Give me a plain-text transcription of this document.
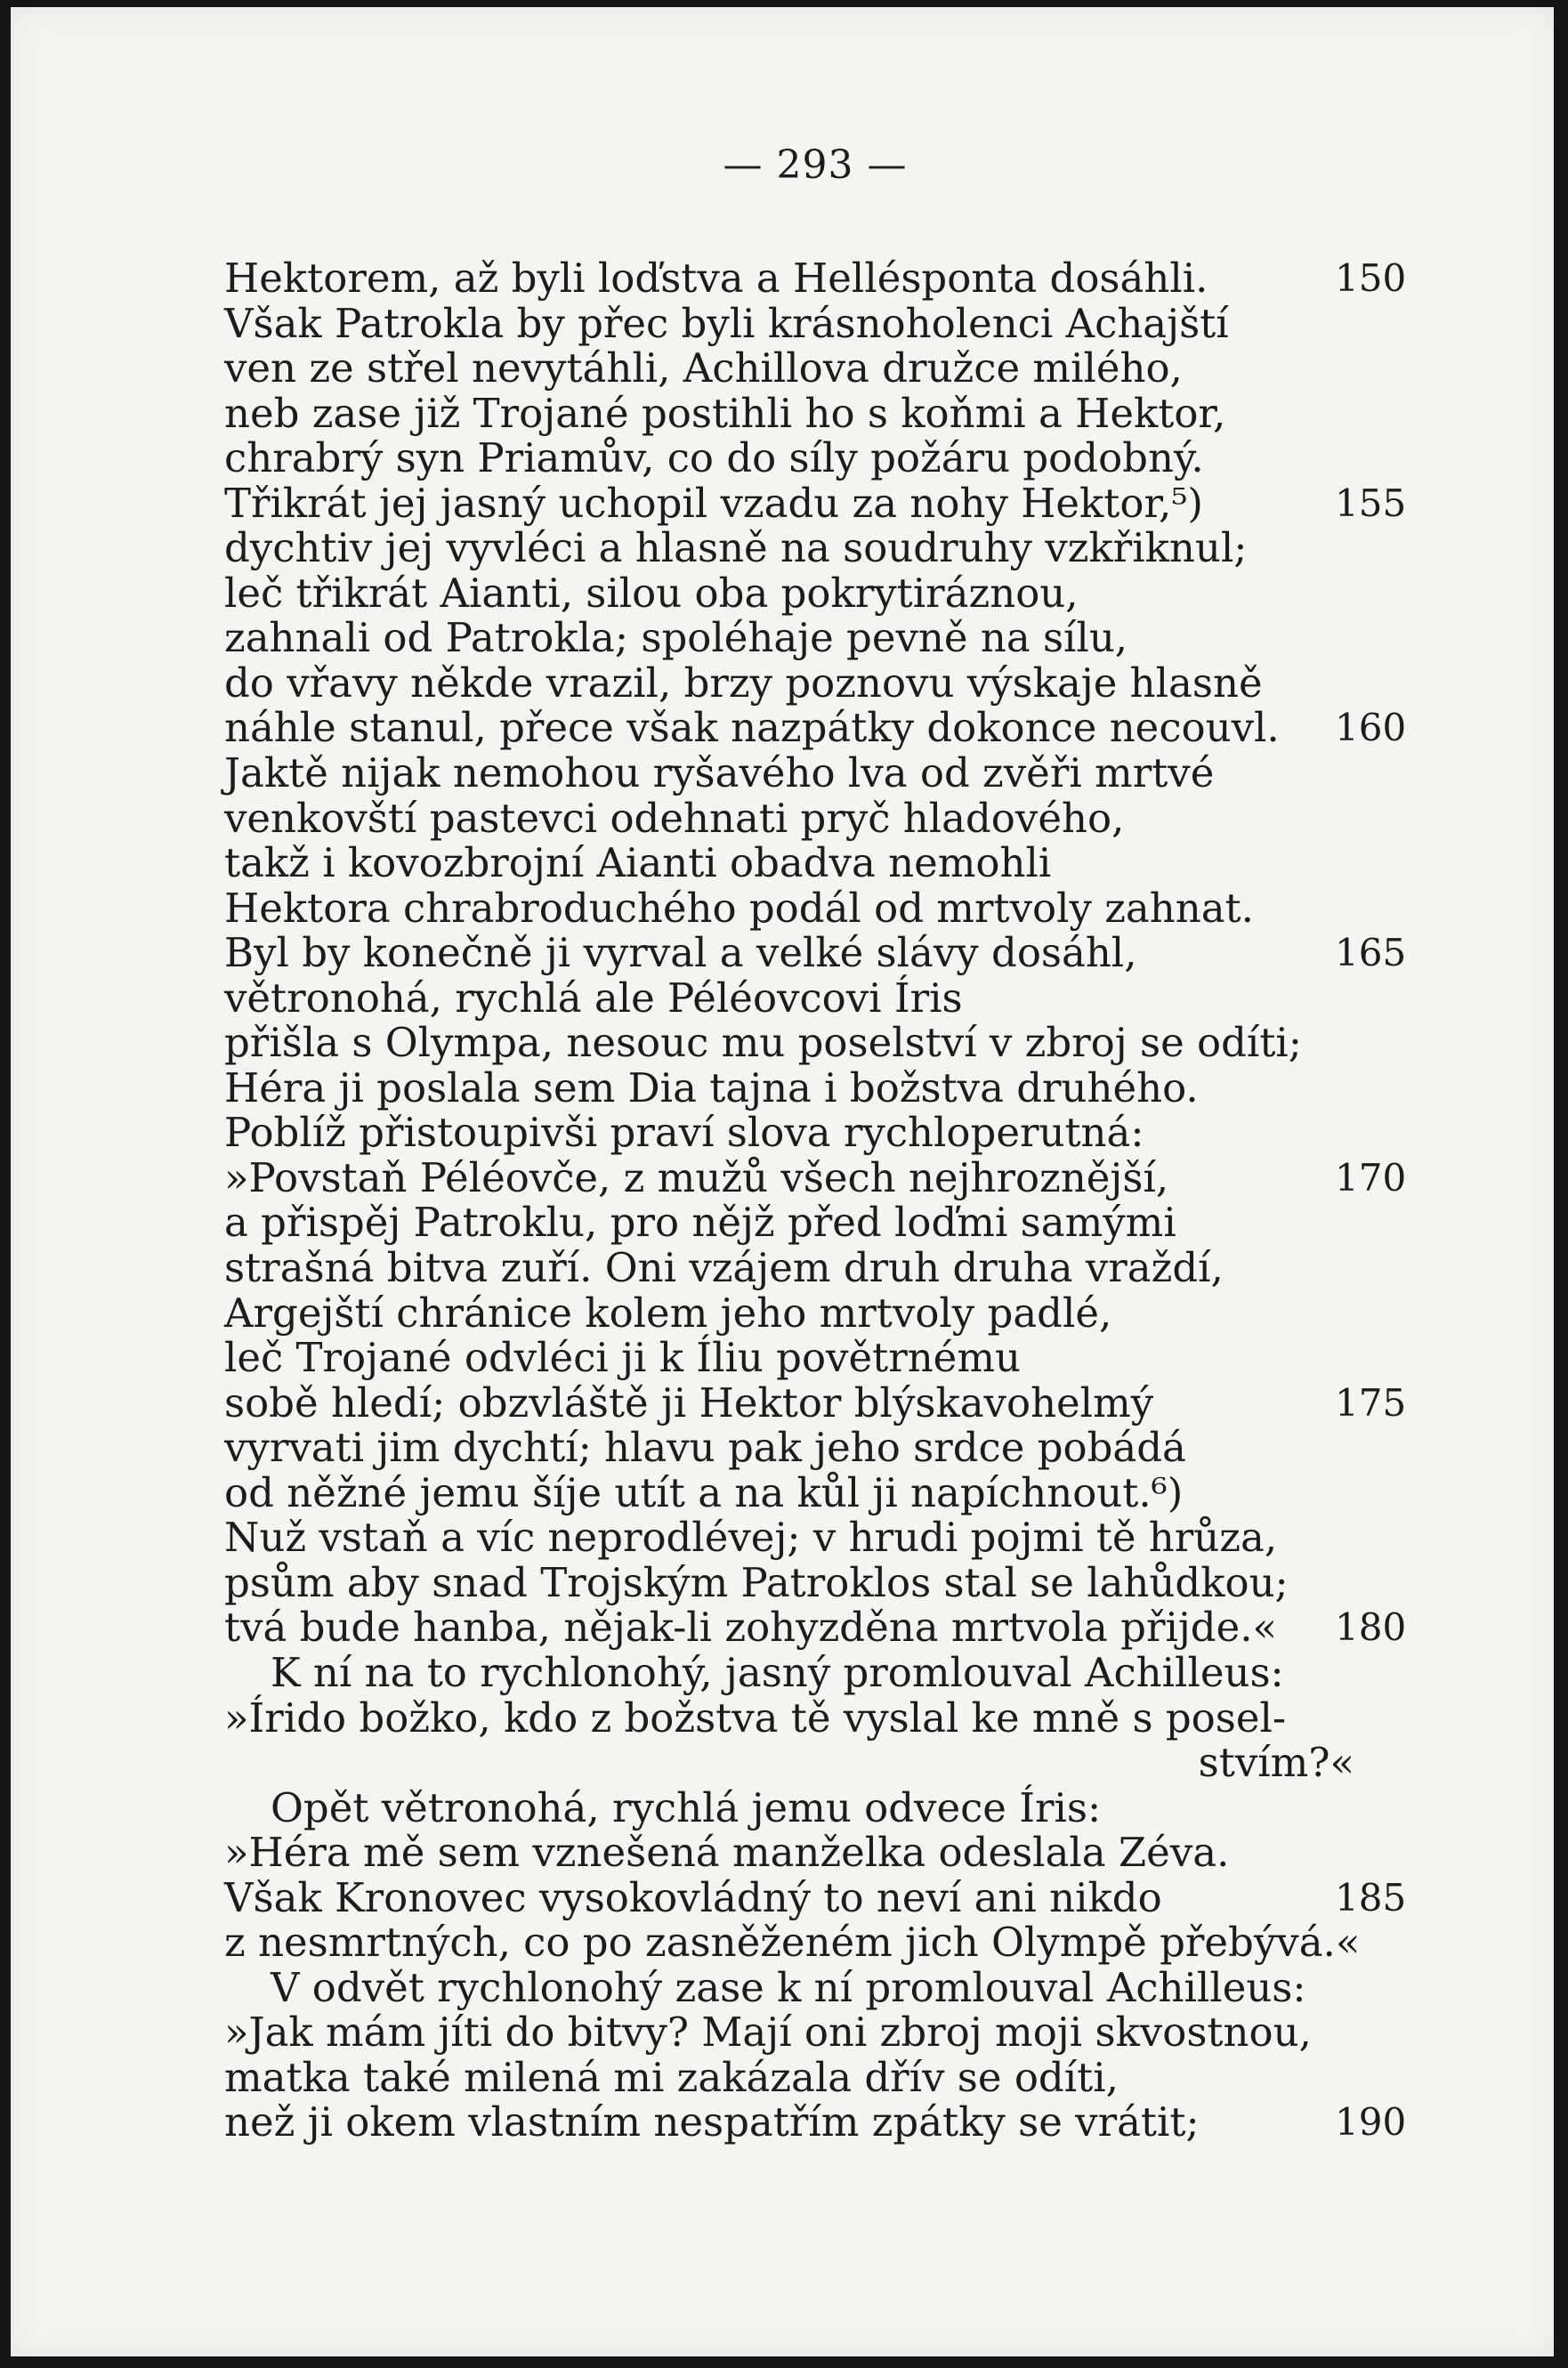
— 293 —
Hektorem, až byli loďstva a Hellésponta dosáhli.	150
Však Patrokla by přec byli krásnoholenci Achajští
ven ze střel nevytáhli, Achillova družce milého,
neb zase již Trojané postihli ho s koňmi a Hektor,
chrabrý syn Priamův, co do síly požáru podobný.
Třikrát jej jasný uchopil vzadu za nohy Hektor,⁵)	155
dychtiv jej vyvléci a hlasně na soudruhy vzkřiknul;
leč třikrát Aianti, silou oba pokrytiráznou,
zahnali od Patrokla; spoléhaje pevně na sílu,
do vřavy někde vrazil, brzy poznovu výskaje hlasně
náhle stanul, přece však nazpátky dokonce necouvl. 160
Jaktě nijak nemohou ryšavého lva od zvěři mrtvé
venkovští pastevci odehnati pryč hladového,
takž i kovozbrojní Aianti obadva nemohli
Hektora chrabroduchého podál od mrtvoly zahnat.
Byl by konečně ji vyrval a velké slávy dosáhl,	165
větronohá, rychlá ale Péléovcovi Íris
přišla s Olympa, nesouc mu poselství v zbroj se odíti;
Héra ji poslala sem Dia tajna i božstva druhého.
Poblíž přistoupivši praví slova rychloperutná:
»Povstaň Péléovče, z mužů všech nejhroznější,	170
a přispěj Patroklu, pro nějž před loďmi samými
strašná bitva zuří. Oni vzájem druh druha vraždí,
Argejští chránice kolem jeho mrtvoly padlé,
leč Trojané odvléci ji k Íliu povětrnému
sobě hledí; obzvláště ji Hektor blýskavohelmý	175
vyrvati jim dychtí; hlavu pak jeho srdce pobádá
od něžné jemu šíje utít a na kůl ji napíchnout.⁶)
Nuž vstaň a víc neprodlévej; v hrudi pojmi tě hrůza,
psům aby snad Trojským Patroklos stal se lahůdkou;
tvá bude hanba, nějak-li zohyzděna mrtvola přijde.« 180
K ní na to rychlonohý, jasný promlouval Achilleus:
»Írido božko, kdo z božstva tě vyslal ke mně s posel-
stvím?«
Opět větronohá, rychlá jemu odvece Íris:
»Héra mě sem vznešená manželka odeslala Zéva.
Však Kronovec vysokovládný to neví ani nikdo	185
z nesmrtných, co po zasněženém jich Olympě přebývá.«
V odvět rychlonohý zase k ní promlouval Achilleus:
»Jak mám jíti do bitvy? Mají oni zbroj moji skvostnou,
matka také milená mi zakázala dřív se odíti,
než ji okem vlastním nespatřím zpátky se vrátit;	190
